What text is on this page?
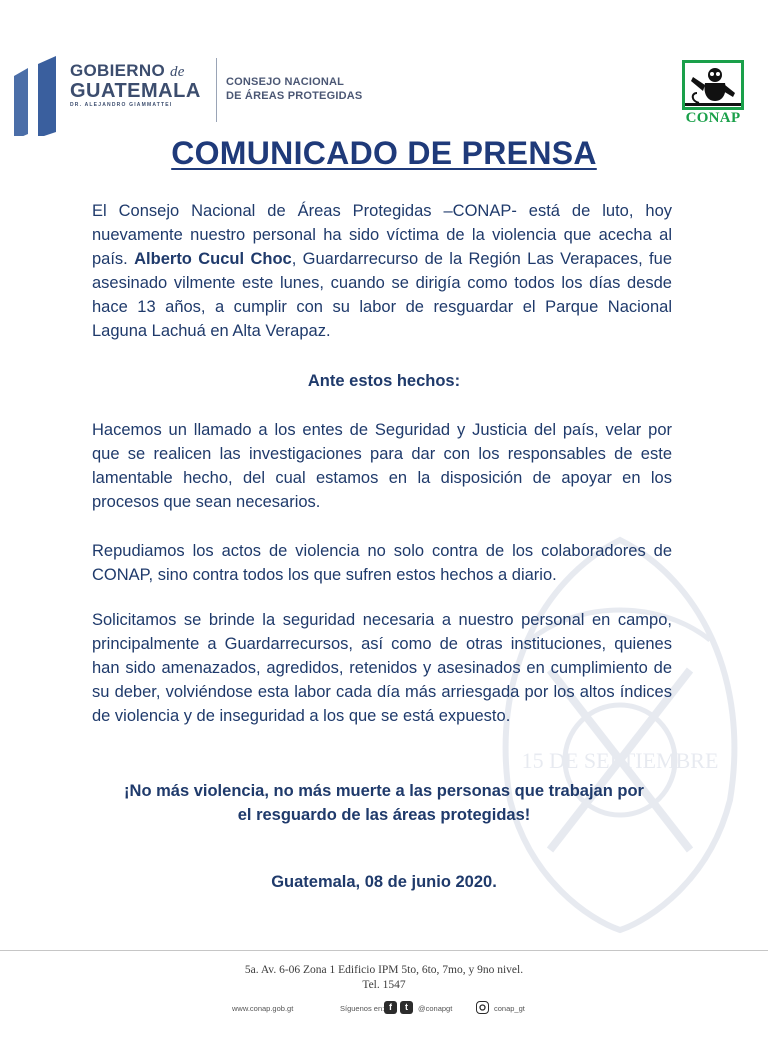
15 DE SEPTIEMBRE
GOBIERNO de
GUATEMALA
DR. ALEJANDRO GIAMMATTEI
CONSEJO NACIONAL
DE ÁREAS PROTEGIDAS
CONAP
COMUNICADO DE PRENSA

El Consejo Nacional de Áreas Protegidas –CONAP- está de luto, hoy nuevamente nuestro personal ha sido víctima de la violencia que acecha al país. Alberto Cucul Choc, Guardarrecurso de la Región Las Verapaces, fue asesinado vilmente este lunes, cuando se dirigía como todos los días desde hace 13 años, a cumplir con su labor de resguardar el Parque Nacional Laguna Lachuá en Alta Verapaz.

Ante estos hechos:

Hacemos un llamado a los entes de Seguridad y Justicia del país, velar por que se realicen las investigaciones para dar con los responsables de este lamentable hecho, del cual estamos en la disposición de apoyar en los procesos que sean necesarios.

Repudiamos los actos de violencia no solo contra de los colaboradores de CONAP, sino contra todos los que sufren estos hechos a diario.

Solicitamos se brinde la seguridad necesaria a nuestro personal en campo, principalmente a Guardarrecursos, así como de otras instituciones, quienes han sido amenazados, agredidos, retenidos y asesinados en cumplimiento de su deber, volviéndose esta labor cada día más arriesgada por los altos índices de violencia y de inseguridad a los que se está expuesto.

¡No más violencia, no más muerte a las personas que trabajan por

el resguardo de las áreas protegidas!

Guatemala, 08 de junio 2020.

5a. Av. 6-06 Zona 1 Edificio IPM 5to, 6to, 7mo, y 9no nivel.
Tel. 1547
www.conap.gob.gt	Síguenos en: f	t	@conapgt	conap_gt
